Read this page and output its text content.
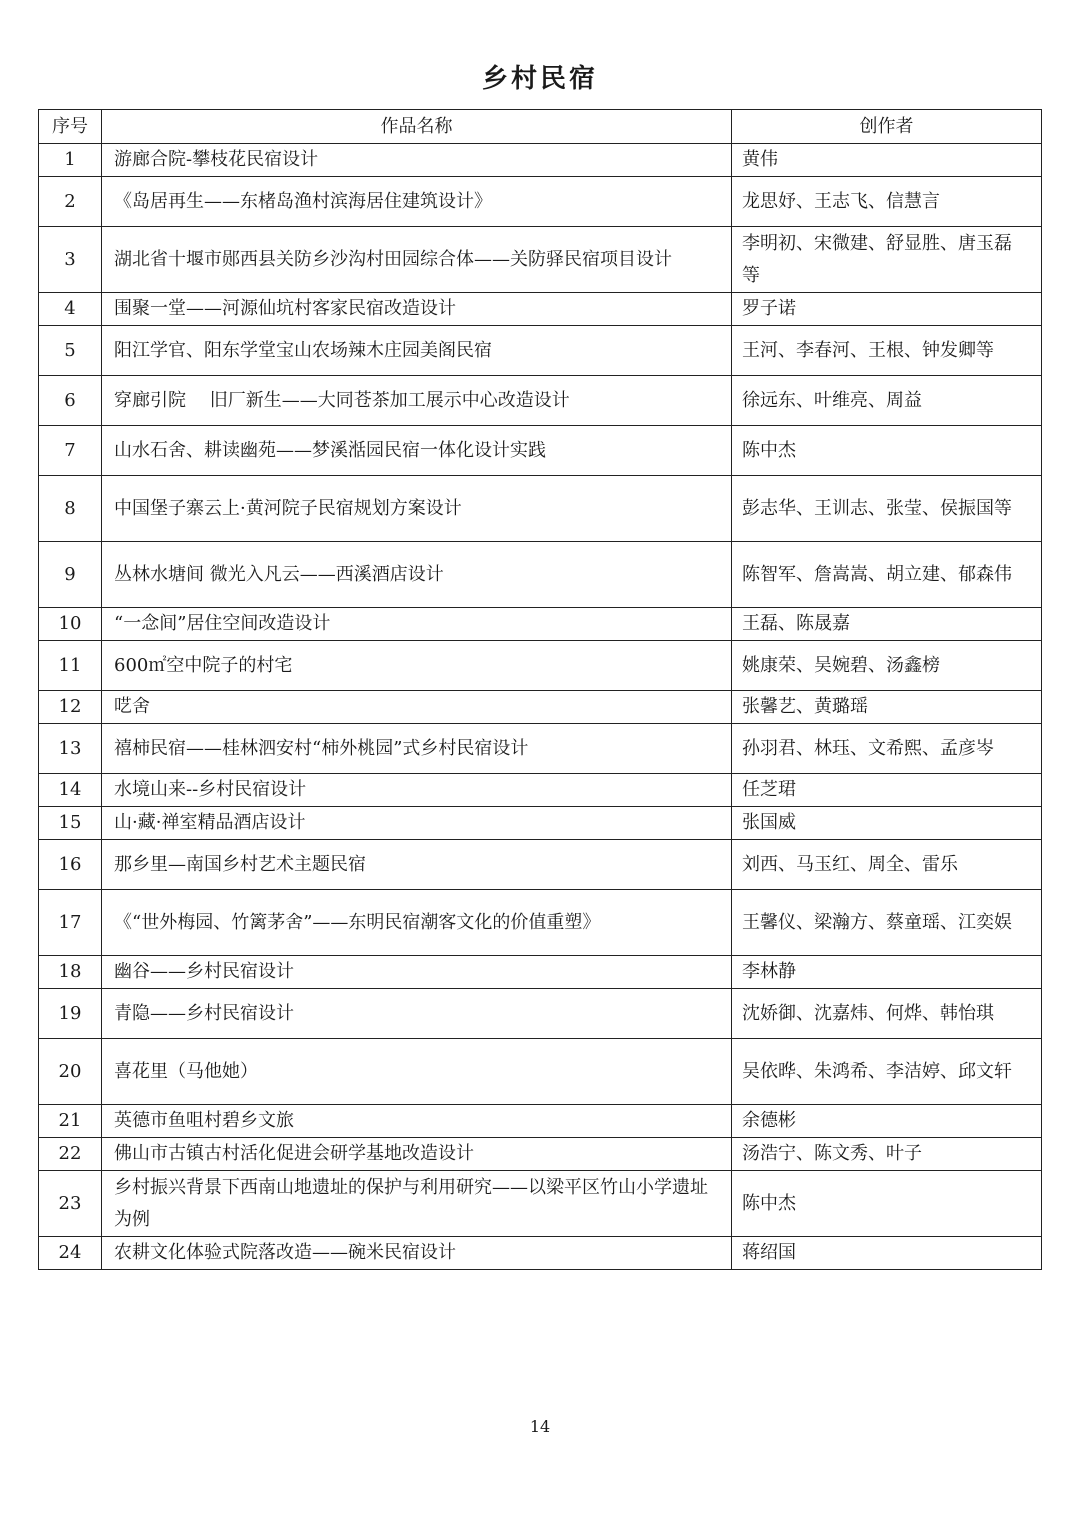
乡村民宿
序号	作品名称	创作者
1	游廊合院-攀枝花民宿设计	黄伟
2	《岛居再生——东楮岛渔村滨海居住建筑设计》	龙思妤、王志飞、信慧言
3	湖北省十堰市郧西县关防乡沙沟村田园综合体——关防驿民宿项目设计	李明初、宋微建、舒显胜、唐玉磊 等
4	围聚一堂——河源仙坑村客家民宿改造设计	罗子诺
5	阳江学官、阳东学堂宝山农场辣木庄园美阁民宿	王河、李春河、王根、钟发卿等
6	穿廊引院　 旧厂新生——大同苍茶加工展示中心改造设计	徐远东、叶维亮、周益
7	山水石舍、耕读幽苑——梦溪湉园民宿一体化设计实践	陈中杰
8	中国堡子寨云上·黄河院子民宿规划方案设计	彭志华、王训志、张莹、侯振国等
9	丛林水塘间 微光入凡云——西溪酒店设计	陈智军、詹嵩嵩、胡立建、郁森伟
10	“一念间”居住空间改造设计	王磊、陈晟嘉
11	600㎡空中院子的村宅	姚康荣、吴婉碧、汤鑫榜
12	呓舍	张馨艺、黄璐瑶
13	禧柿民宿——桂林泗安村“柿外桃园”式乡村民宿设计	孙羽君、林珏、文希熙、孟彦岑
14	水境山来--乡村民宿设计	任芝珺
15	山·藏·禅室精品酒店设计	张国威
16	那乡里—南国乡村艺术主题民宿	刘西、马玉红、周全、雷乐
17	《“世外梅园、竹篱茅舍”——东明民宿潮客文化的价值重塑》	王馨仪、梁瀚方、蔡童瑶、江奕娱
18	幽谷——乡村民宿设计	李林静
19	青隐——乡村民宿设计	沈娇御、沈嘉炜、何烨、韩怡琪
20	喜花里（马他她）	吴依晔、朱鸿希、李洁婷、邱文轩
21	英德市鱼咀村碧乡文旅	余德彬
22	佛山市古镇古村活化促进会研学基地改造设计	汤浩宁、陈文秀、叶子
23	乡村振兴背景下西南山地遗址的保护与利用研究——以梁平区竹山小学遗址为例	陈中杰
24	农耕文化体验式院落改造——碗米民宿设计	蒋绍国
14
